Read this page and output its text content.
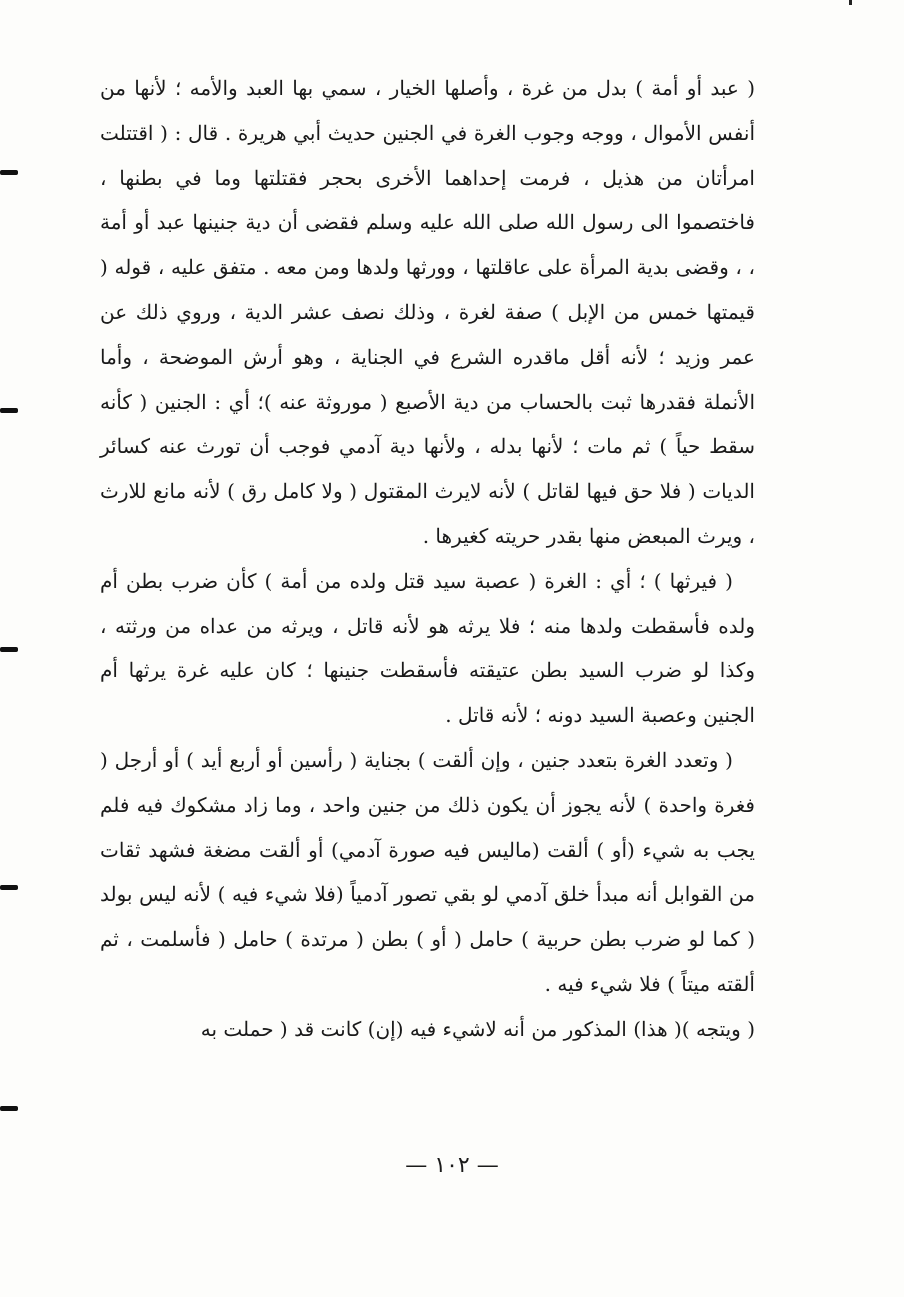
( عبد أو أمة ) بدل من غرة ، وأصلها الخيار ، سمي بها العبد والأمه ؛ لأنها من أنفس الأموال ، ووجه وجوب الغرة في الجنين حديث أبي هريرة . قال : ( اقتتلت امرأتان من هذيل ، فرمت إحداهما الأخرى بحجر فقتلتها وما في بطنها ، فاختصموا الى رسول الله صلى الله عليه وسلم فقضى أن دية جنينها عبد أو أمة ، ، وقضى بدية المرأة على عاقلتها ، وورثها ولدها ومن معه . متفق عليه ، قوله ( قيمتها خمس من الإبل ) صفة لغرة ، وذلك نصف عشر الدية ، وروي ذلك عن عمر وزيد ؛ لأنه أقل ماقدره الشرع في الجناية ، وهو أرش الموضحة ، وأما الأنملة فقدرها ثبت بالحساب من دية الأصبع ( موروثة عنه )؛ أي : الجنين ( كأنه سقط حياً ) ثم مات ؛ لأنها بدله ، ولأنها دية آدمي فوجب أن تورث عنه كسائر الديات ( فلا حق فيها لقاتل ) لأنه لايرث المقتول ( ولا كامل رق ) لأنه مانع للارث ، ويرث المبعض منها بقدر حريته كغيرها .

( فيرثها ) ؛ أي : الغرة ( عصبة سيد قتل ولده من أمة ) كأن ضرب بطن أم ولده فأسقطت ولدها منه ؛ فلا يرثه هو لأنه قاتل ، ويرثه من عداه من ورثته ، وكذا لو ضرب السيد بطن عتيقته فأسقطت جنينها ؛ كان عليه غرة يرثها أم الجنين وعصبة السيد دونه ؛ لأنه قاتل .

( وتعدد الغرة بتعدد جنين ، وإن ألقت ) بجناية ( رأسين أو أربع أيد ) أو أرجل ( فغرة واحدة ) لأنه يجوز أن يكون ذلك من جنين واحد ، وما زاد مشكوك فيه فلم يجب به شيء (أو ) ألقت (ماليس فيه صورة آدمي) أو ألقت مضغة فشهد ثقات من القوابل أنه مبدأ خلق آدمي لو بقي تصور آدمياً (فلا شيء فيه ) لأنه ليس بولد ( كما لو ضرب بطن حربية ) حامل ( أو ) بطن ( مرتدة ) حامل ( فأسلمت ، ثم ألقته ميتاً ) فلا شيء فيه .

( ويتجه )( هذا) المذكور من أنه لاشيء فيه (إن) كانت قد ( حملت به

— ١٠٢ —
